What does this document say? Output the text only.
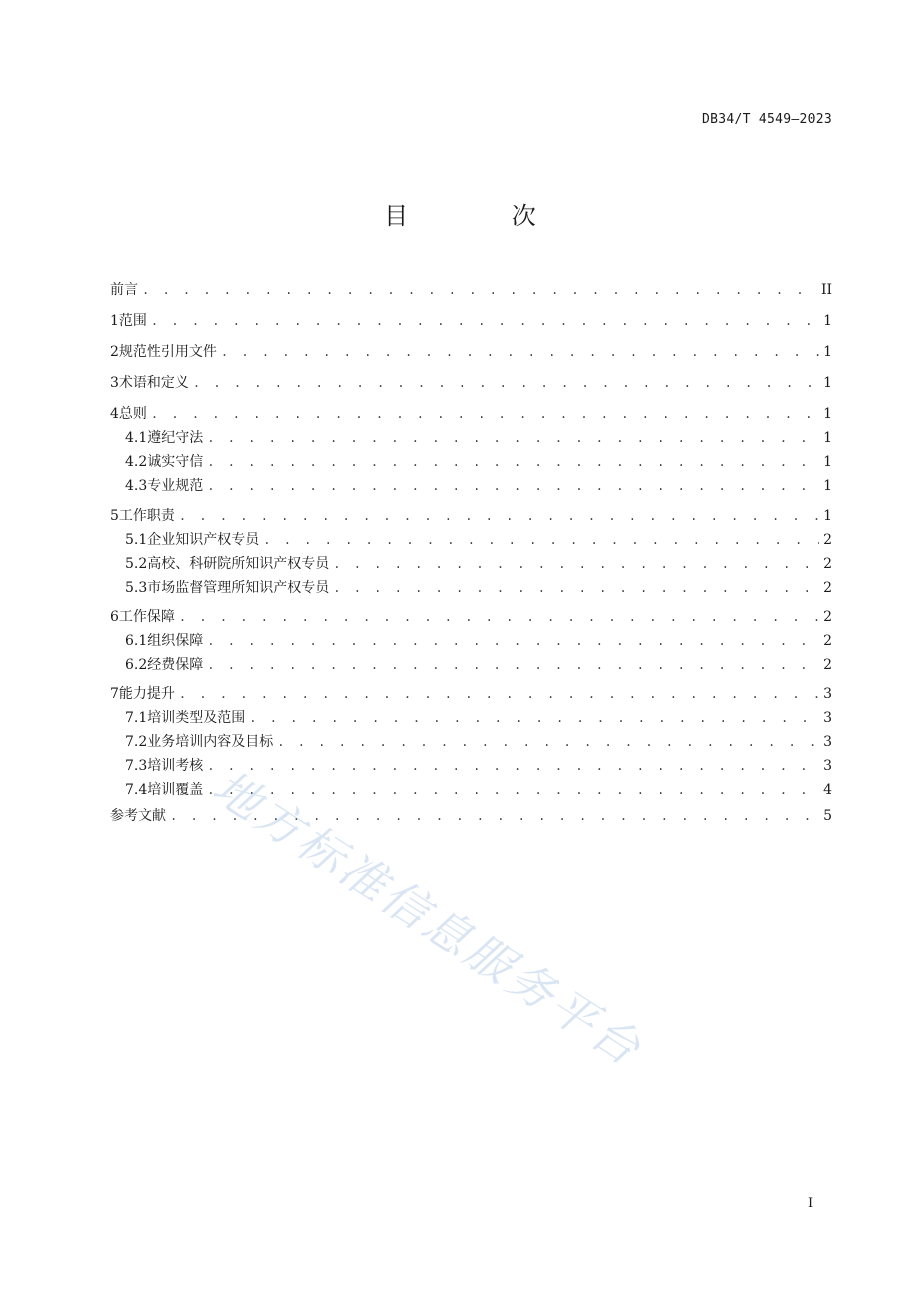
DB34/T 4549—2023
目 次
前言 . . .	II
1 范围 . . .	1
2 规范性引用文件 . . .	1
3 术语和定义 . . .	1
4 总则 . . .	1
4.1 遵纪守法 . . .	1
4.2 诚实守信 . . .	1
4.3 专业规范 . . .	1
5 工作职责 . . .	1
5.1 企业知识产权专员 . . .	2
5.2 高校、科研院所知识产权专员 . . .	2
5.3 市场监督管理所知识产权专员 . . .	2
6 工作保障 . . .	2
6.1 组织保障 . . .	2
6.2 经费保障 . . .	2
7 能力提升 . . .	3
7.1 培训类型及范围 . . .	3
7.2 业务培训内容及目标 . . .	3
7.3 培训考核 . . .	3
7.4 培训覆盖 . . .	4
参考文献 . . .	5
地方标准信息服务平台
I
